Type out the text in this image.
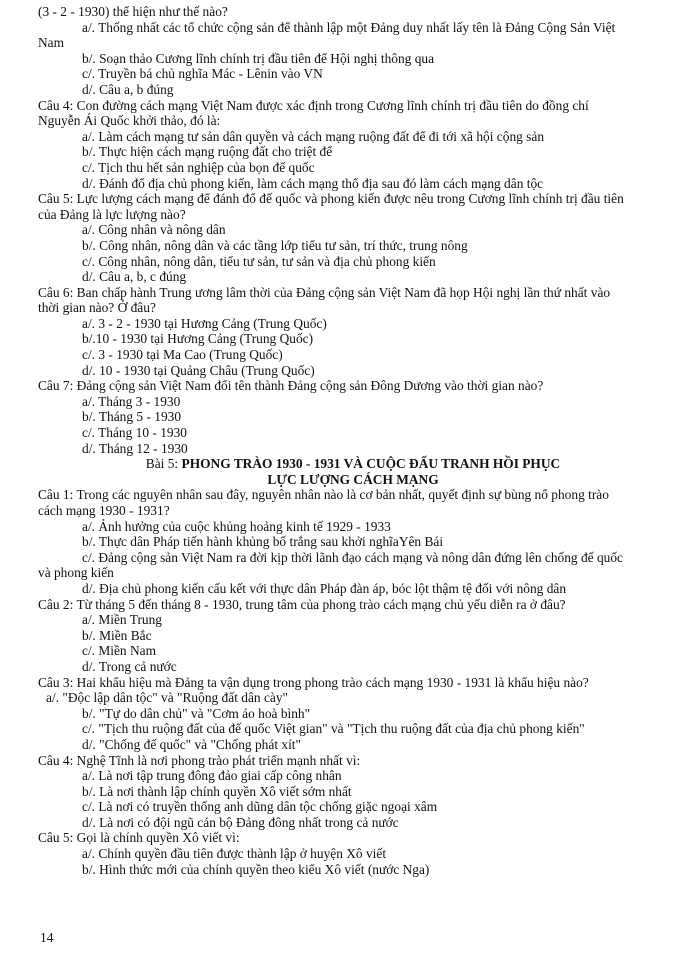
(3 - 2 - 1930) thể hiện như thế nào?
a/. Thống nhất các tổ chức cộng sản để thành lập một Đảng duy nhất lấy tên là Đảng Cộng Sản Việt
Nam
b/. Soạn thảo Cương lĩnh chính trị đầu tiên để Hội nghị thông qua
c/. Truyền bá chủ nghĩa Mác - Lênin vào VN
d/. Câu a, b đúng
Câu 4: Con đường cách mạng Việt Nam được xác định trong Cương lĩnh chính trị đầu tiên do đồng chí
Nguyễn Ái Quốc khởi thảo, đó là:
a/. Làm cách mạng tư sản dân quyền và cách mạng ruộng đất để đi tới xã hội cộng sản
b/. Thực hiện cách mạng ruộng đất cho triệt để
c/. Tịch thu hết sản nghiệp của bọn đế quốc
d/. Đánh đổ địa chủ phong kiến, làm cách mạng thổ địa sau đó làm cách mạng dân tộc
Câu 5: Lực lượng cách mạng để đánh đổ đế quốc và phong kiến được nêu trong Cương lĩnh chính trị đầu tiên
của Đảng là lực lượng nào?
a/. Công nhân và nông dân
b/. Công nhân, nông dân và các tầng lớp tiểu tư sản, trí thức, trung nông
c/. Công nhân, nông dân, tiểu tư sản, tư sản và địa chủ phong kiến
d/. Câu a, b, c đúng
Câu 6: Ban chấp hành Trung ương lâm thời của Đảng cộng sản Việt Nam đã họp Hội nghị lần thứ nhất vào
thời gian nào? Ở đâu?
a/. 3 - 2 - 1930 tại Hương Cảng (Trung Quốc)
b/.10 - 1930 tại Hương Cảng (Trung Quốc)
c/. 3 - 1930 tại Ma Cao (Trung Quốc)
d/. 10 - 1930 tại Quảng Châu (Trung Quốc)
Câu 7: Đảng cộng sản Việt Nam đổi tên thành Đảng cộng sản Đông Dương vào thời gian nào?
a/. Tháng 3 - 1930
b/. Tháng 5 - 1930
c/. Tháng 10 - 1930
d/. Tháng 12 - 1930
Bài 5: PHONG TRÀO 1930 - 1931 VÀ CUỘC ĐẤU TRANH HỒI PHỤC
LỰC LƯỢNG CÁCH MẠNG
Câu 1: Trong các nguyên nhân sau đây, nguyên nhân nào là cơ bản nhất, quyết định sự bùng nổ phong trào
cách mạng 1930 - 1931?
a/. Ảnh hưởng của cuộc khủng hoảng kinh tế 1929 - 1933
b/. Thực dân Pháp tiến hành khủng bố trắng sau khởi nghĩaYên Bái
c/. Đảng cộng sản Việt Nam ra đời kịp thời lãnh đạo cách mạng và nông dân đứng lên chống đế quốc
và phong kiến
d/. Địa chủ phong kiến cấu kết với thực dân Pháp đàn áp, bóc lột thậm tệ đối với nông dân
Câu 2: Từ tháng 5 đến tháng 8 - 1930, trung tâm của phong trào cách mạng chủ yếu diễn ra ở đâu?
a/. Miền Trung
b/. Miền Bắc
c/. Miền Nam
d/. Trong cả nước
Câu 3: Hai khẩu hiệu mà Đảng ta vận dụng trong phong trào cách mạng 1930 - 1931 là khẩu hiệu nào?
a/. "Độc lập dân tộc" và "Ruộng đất dân cày"
b/. "Tự do dân chủ" và "Cơm áo hoà bình"
c/. "Tịch thu ruộng đất của đế quốc Việt gian" và "Tịch thu ruộng đất của địa chủ phong kiến"
d/. "Chống đế quốc" và "Chống phát xít"
Câu 4: Nghệ Tĩnh là nơi phong trào phát triển mạnh nhất vì:
a/. Là nơi tập trung đông đảo giai cấp công nhân
b/. Là nơi thành lập chính quyền Xô viết sớm nhất
c/. Là nơi có truyền thống anh dũng dân tộc chống giặc ngoại xâm
d/. Là nơi có đội ngũ cán bộ Đảng đông nhất trong cả nước
Câu 5: Gọi là chính quyền Xô viết vì:
a/. Chính quyền đầu tiên được thành lập ở huyện Xô viết
b/. Hình thức mới của chính quyền theo kiểu Xô viết (nước Nga)
14
